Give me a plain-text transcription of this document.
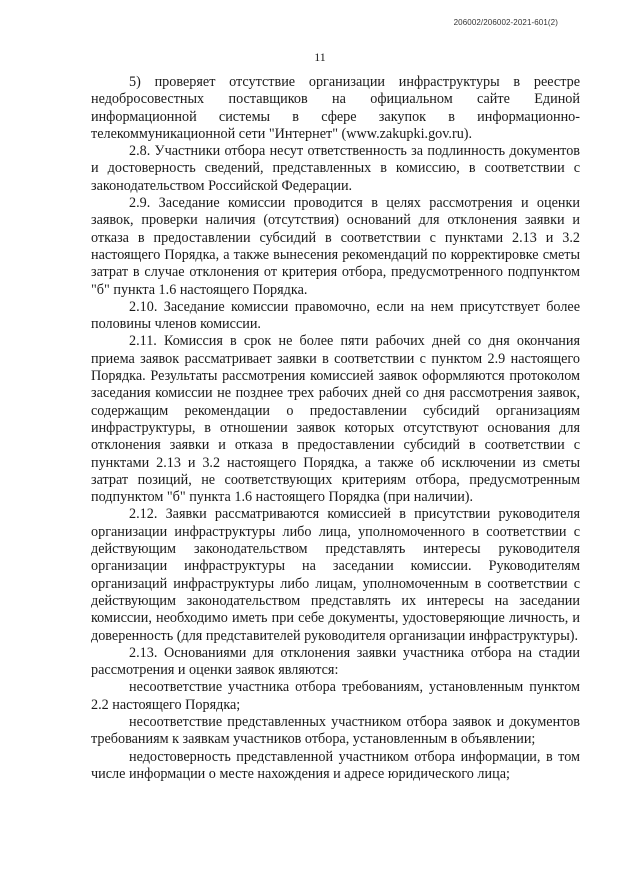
206002/206002-2021-601(2)
11

5) проверяет отсутствие организации инфраструктуры в реестре недобросовестных поставщиков на официальном сайте Единой информационной системы в сфере закупок в информационно-телекоммуникационной сети "Интернет" (www.zakupki.gov.ru).

2.8. Участники отбора несут ответственность за подлинность документов и достоверность сведений, представленных в комиссию, в соответствии с законодательством Российской Федерации.

2.9. Заседание комиссии проводится в целях рассмотрения и оценки заявок, проверки наличия (отсутствия) оснований для отклонения заявки и отказа в предоставлении субсидий в соответствии с пунктами 2.13 и 3.2 настоящего Порядка, а также вынесения рекомендаций по корректировке сметы затрат в случае отклонения от критерия отбора, предусмотренного подпунктом "б" пункта 1.6 настоящего Порядка.

2.10. Заседание комиссии правомочно, если на нем присутствует более половины членов комиссии.

2.11. Комиссия в срок не более пяти рабочих дней со дня окончания приема заявок рассматривает заявки в соответствии с пунктом 2.9 настоящего Порядка. Результаты рассмотрения комиссией заявок оформляются протоколом заседания комиссии не позднее трех рабочих дней со дня рассмотрения заявок, содержащим рекомендации о предоставлении субсидий организациям инфраструктуры, в отношении заявок которых отсутствуют основания для отклонения заявки и отказа в предоставлении субсидий в соответствии с пунктами 2.13 и 3.2 настоящего Порядка, а также об исключении из сметы затрат позиций, не соответствующих критериям отбора, предусмотренным подпунктом "б" пункта 1.6 настоящего Порядка (при наличии).

2.12. Заявки рассматриваются комиссией в присутствии руководителя организации инфраструктуры либо лица, уполномоченного в соответствии с действующим законодательством представлять интересы руководителя организации инфраструктуры на заседании комиссии. Руководителям организаций инфраструктуры либо лицам, уполномоченным в соответствии с действующим законодательством представлять их интересы на заседании комиссии, необходимо иметь при себе документы, удостоверяющие личность, и доверенность (для представителей руководителя организации инфраструктуры).

2.13. Основаниями для отклонения заявки участника отбора на стадии рассмотрения и оценки заявок являются:

несоответствие участника отбора требованиям, установленным пунктом 2.2 настоящего Порядка;

несоответствие представленных участником отбора заявок и документов требованиям к заявкам участников отбора, установленным в объявлении;

недостоверность представленной участником отбора информации, в том числе информации о месте нахождения и адресе юридического лица;
